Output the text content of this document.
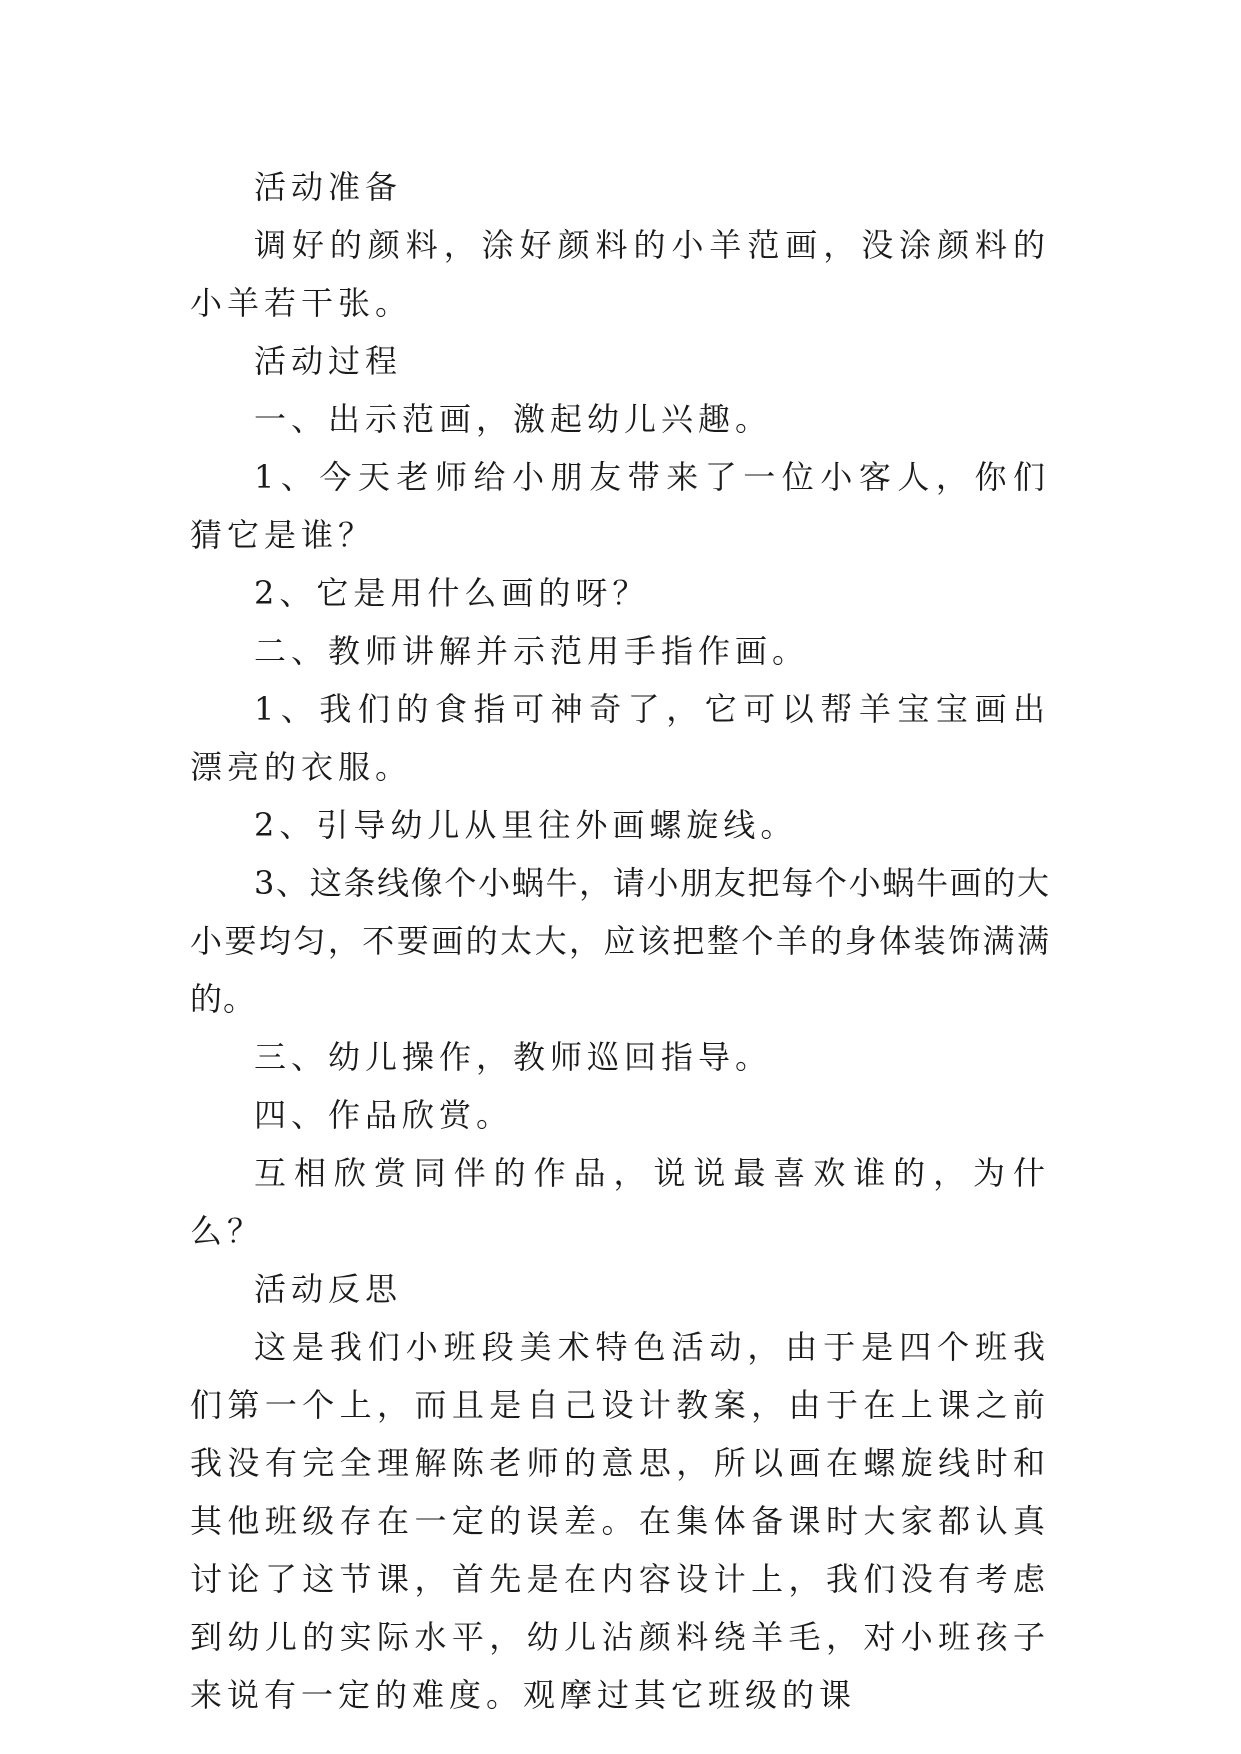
活动准备

调好的颜料，涂好颜料的小羊范画，没涂颜料的小羊若干张。

活动过程

一、出示范画，激起幼儿兴趣。

1、今天老师给小朋友带来了一位小客人，你们猜它是谁？

2、它是用什么画的呀？

二、教师讲解并示范用手指作画。

1、我们的食指可神奇了，它可以帮羊宝宝画出漂亮的衣服。

2、引导幼儿从里往外画螺旋线。

3、这条线像个小蜗牛，请小朋友把每个小蜗牛画的大小要均匀，不要画的太大，应该把整个羊的身体装饰满满的。

三、幼儿操作，教师巡回指导。

四、作品欣赏。

互相欣赏同伴的作品，说说最喜欢谁的，为什么？

活动反思

这是我们小班段美术特色活动，由于是四个班我们第一个上，而且是自己设计教案，由于在上课之前我没有完全理解陈老师的意思，所以画在螺旋线时和其他班级存在一定的误差。在集体备课时大家都认真讨论了这节课，首先是在内容设计上，我们没有考虑到幼儿的实际水平，幼儿沾颜料绕羊毛，对小班孩子来说有一定的难度。观摩过其它班级的课
